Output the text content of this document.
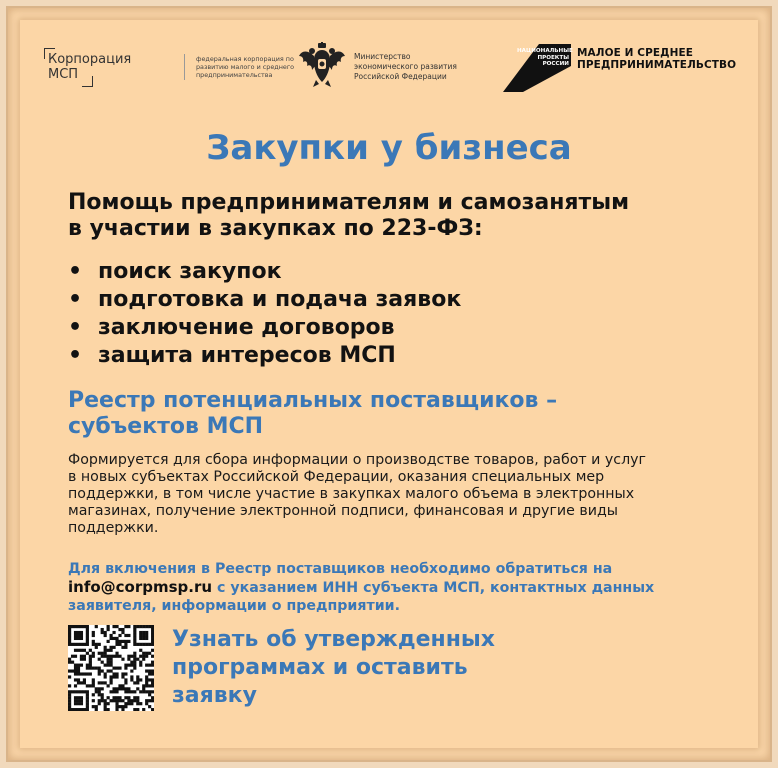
Корпорация
МСП
федеральная корпорация по развитию малого и среднего предпринимательства
Министерство
экономического развития
Российской Федерации
НАЦИОНАЛЬНЫЕ ПРОЕКТЫ РОССИИ
МАЛОЕ И СРЕДНЕЕ
ПРЕДПРИНИМАТЕЛЬСТВО
Закупки у бизнеса
Помощь предпринимателям и самозанятым
в участии в закупках по 223-ФЗ:
• поиск закупок
• подготовка и подача заявок
• заключение договоров
• защита интересов МСП
Реестр потенциальных поставщиков –
субъектов МСП
Формируется для сбора информации о производстве товаров, работ и услуг
в новых субъектах Российской Федерации, оказания специальных мер
поддержки, в том числе участие в закупках малого объема в электронных
магазинах, получение электронной подписи, финансовая и другие виды
поддержки.
Для включения в Реестр поставщиков необходимо обратиться на
info@corpmsp.ru с указанием ИНН субъекта МСП, контактных данных
заявителя, информации о предприятии.
Узнать об утвержденных
программах и оставить
заявку
